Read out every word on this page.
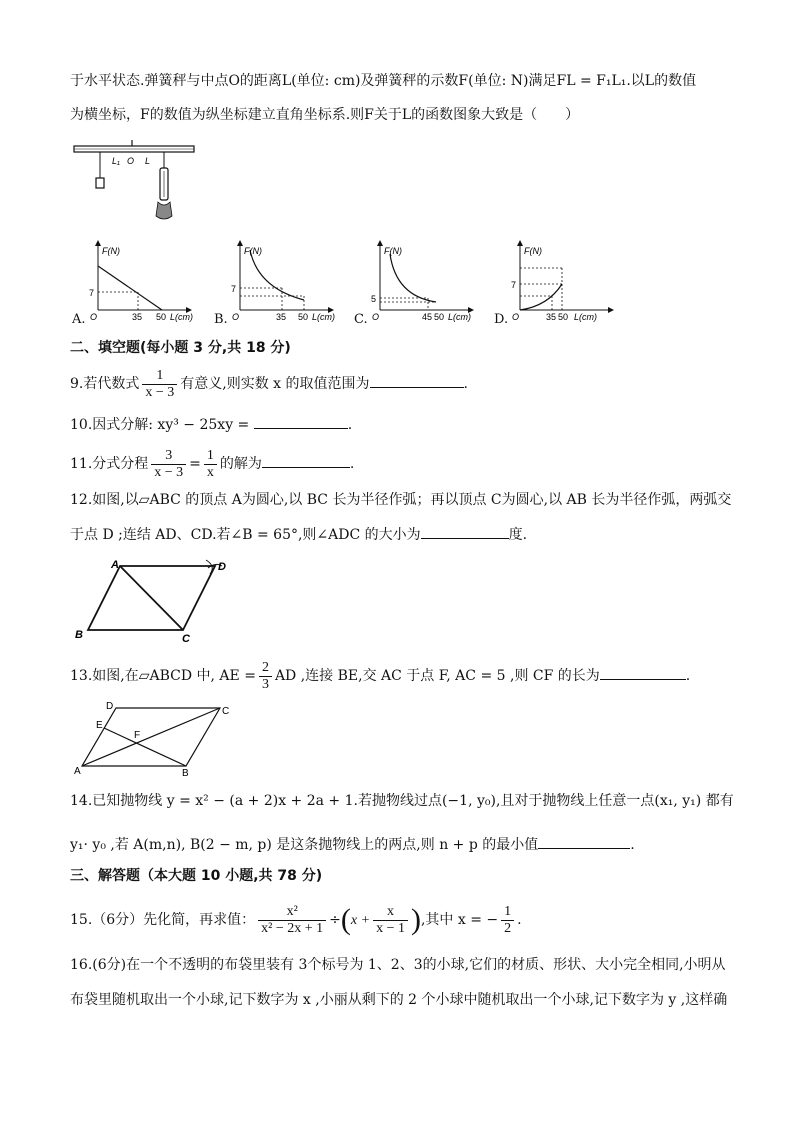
于水平状态.弹簧秤与中点O的距离L(单位: cm)及弹簧秤的示数F(单位: N)满足FL = F₁L₁.以L的数值
为横坐标，F的数值为纵坐标建立直角坐标系.则F关于L的函数图象大致是（　　）
L₁ O L
A.
F(N)
7
O	35 50 L(cm) B.
F(N)
7
O	35 50 L(cm) C.
F(N)
5
O	45 50 L(cm) D.
F(N)
7
O	35 50 L(cm)
二、填空题(每小题 3 分,共 18 分)
9.若代数式 $\frac{1}{x - 3}$ 有意义,则实数 x 的取值范围为	.
10.因式分解: xy³ − 25xy =	.
11.分式分程 $\frac{3}{x - 3} = \frac{1}{x}$ 的解为	.
12.如图,以▱ABC 的顶点 A为圆心,以 BC 长为半径作弧；再以顶点 C为圆心,以 AB 长为半径作弧，两弧交
于点 D ;连结 AD、CD.若∠B = 65°,则∠ADC 的大小为	度.
A	D
B	C
13.如图,在▱ABCD 中, AE = $\frac{2}{3}$ AD ,连接 BE,交 AC 于点 F, AC = 5 ,则 CF 的长为	.
D	C
E
F
A	B
14.已知抛物线 y = x² − (a + 2)x + 2a + 1.若抛物线过点(−1, y₀),且对于抛物线上任意一点(x₁, y₁) 都有
y₁· y₀ ,若 A(m,n), B(2 − m, p) 是这条抛物线上的两点,则 n + p 的最小值	.
三、解答题（本大题 10 小题,共 78 分)
15.（6分）先化简，再求值： $\frac{\text{x²}}{\text{x² − 2x + 1}} \div(x + \frac{x}{x - 1}$ ),其中 x = − $\frac{1}{2}$ .
16.(6分)在一个不透明的布袋里装有 3个标号为 1、2、3的小球,它们的材质、形状、大小完全相同,小明从
布袋里随机取出一个小球,记下数字为 x ,小丽从剩下的 2 个小球中随机取出一个小球,记下数字为 y ,这样确
